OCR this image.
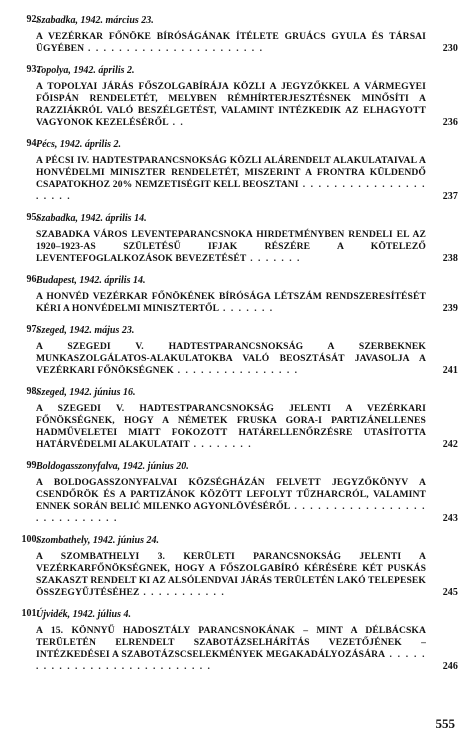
92.
Szabadka, 1942. március 23.
A VEZÉRKAR FŐNÖKE BÍRÓSÁGÁNAK ÍTÉLETE GRUÁCS GYULA ÉS TÁRSAI ÜGYÉBEN . . . . . . . . . . . . . . . . . . . . . . .	230
93.
Topolya, 1942. április 2.
A TOPOLYAI JÁRÁS FŐSZOLGABÍRÁJA KÖZLI A JEGYZŐKKEL A VÁRMEGYEI FŐISPÁN RENDELETÉT, MELYBEN RÉMHÍRTERJESZTÉSNEK MINŐSÍTI A RAZZIÁKRÓL VALÓ BESZÉLGETÉST, VALAMINT INTÉZKEDIK AZ ELHAGYOTT VAGYONOK KEZELÉSÉRŐL . .	236
94.
Pécs, 1942. április 2.
A PÉCSI IV. HADTESTPARANCSNOKSÁG KÖZLI ALÁRENDELT ALAKULATAIVAL A HONVÉDELMI MINISZTER RENDELETÉT, MISZERINT A FRONTRA KÜLDENDŐ CSAPATOKHOZ 20% NEMZETISÉGIT KELL BEOSZTANI . . . . . . . . . . . . . . . . . . . . .	237
95.
Szabadka, 1942. április 14.
SZABADKA VÁROS LEVENTEPARANCSNOKA HIRDETMÉNYBEN RENDELI EL AZ 1920–1923-AS SZÜLETÉSŰ IFJAK RÉSZÉRE A KÖTELEZŐ LEVENTEFOGLALKOZÁSOK BEVEZETÉSÉT . . . . . . .	238
96.
Budapest, 1942. április 14.
A HONVÉD VEZÉRKAR FŐNÖKÉNEK BÍRÓSÁGA LÉTSZÁM RENDSZERESÍTÉSÉT KÉRI A HONVÉDELMI MINISZTERTŐL . . . . . . .	239
97.
Szeged, 1942. május 23.
A SZEGEDI V. HADTESTPARANCSNOKSÁG A SZERBEKNEK MUNKASZOLGÁLATOS-ALAKULATOKBA VALÓ BEOSZTÁSÁT JAVASOLJA A VEZÉRKARI FŐNÖKSÉGNEK . . . . . . . . . . . . . . . .	241
98.
Szeged, 1942. június 16.
A SZEGEDI V. HADTESTPARANCSNOKSÁG JELENTI A VEZÉRKARI FŐNÖKSÉGNEK, HOGY A NÉMETEK FRUSKA GORA-I PARTIZÁNELLENES HADMŰVELETEI MIATT FOKOZOTT HATÁRELLENŐRZÉSRE UTASÍTOTTA HATÁRVÉDELMI ALAKULATAIT . . . . . . . .	242
99.
Boldogasszonyfalva, 1942. június 20.
A BOLDOGASSZONYFALVAI KÖZSÉGHÁZÁN FELVETT JEGYZŐKÖNYV A CSENDŐRÖK ÉS A PARTIZÁNOK KÖZÖTT LEFOLYT TŰZHARCRÓL, VALAMINT ENNEK SORÁN BELIĆ MILENKO AGYONLÖVÉSÉRŐL . . . . . . . . . . . . . . . . . . . . . . . . . . . .	243
100.
Szombathely, 1942. június 24.
A SZOMBATHELYI 3. KERÜLETI PARANCSNOKSÁG JELENTI A VEZÉRKARFŐNÖKSÉGNEK, HOGY A FŐSZOLGABÍRÓ KÉRÉSÉRE KÉT PUSKÁS SZAKASZT RENDELT KI AZ ALSÓLENDVAI JÁRÁS TERÜLETÉN LAKÓ TELEPESEK ÖSSZEGYŰJTÉSÉHEZ . . . . . . . . . . .	245
101.
Újvidék, 1942. július 4.
A 15. KÖNNYŰ HADOSZTÁLY PARANCSNOKÁNAK – MINT A DÉLBÁCSKA TERÜLETÉN ELRENDELT SZABOTÁZSELHÁRÍTÁS VEZETŐJÉNEK – INTÉZKEDÉSEI A SZABOTÁZSCSELEKMÉNYEK MEGAKADÁLYOZÁSÁRA . . . . . . . . . . . . . . . . . . . . . . . . . . . .	246
555
